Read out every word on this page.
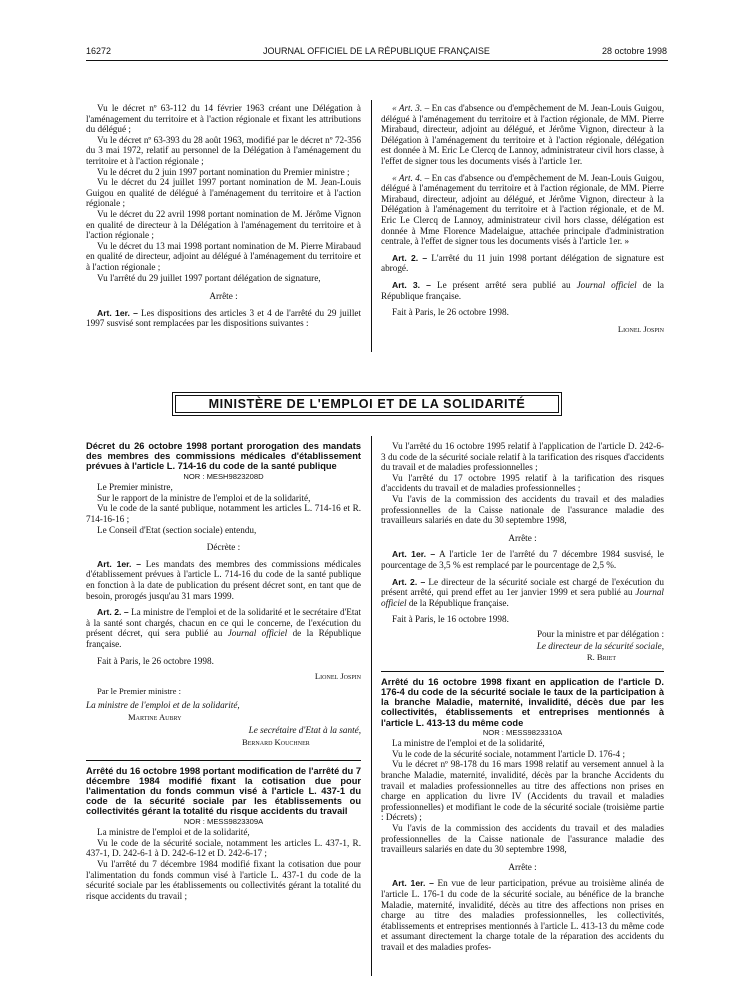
16272	JOURNAL OFFICIEL DE LA RÉPUBLIQUE FRANÇAISE	28 octobre 1998

Vu le décret nº 63-112 du 14 février 1963 créant une Délégation à l'aménagement du territoire et à l'action régionale et fixant les attributions du délégué ;

Vu le décret nº 63-393 du 28 août 1963, modifié par le décret nº 72-356 du 3 mai 1972, relatif au personnel de la Délégation à l'aménagement du territoire et à l'action régionale ;

Vu le décret du 2 juin 1997 portant nomination du Premier ministre ;

Vu le décret du 24 juillet 1997 portant nomination de M. Jean-Louis Guigou en qualité de délégué à l'aménagement du territoire et à l'action régionale ;

Vu le décret du 22 avril 1998 portant nomination de M. Jérôme Vignon en qualité de directeur à la Délégation à l'aménagement du territoire et à l'action régionale ;

Vu le décret du 13 mai 1998 portant nomination de M. Pierre Mirabaud en qualité de directeur, adjoint au délégué à l'aménagement du territoire et à l'action régionale ;

Vu l'arrêté du 29 juillet 1997 portant délégation de signature,

Arrête :

Art. 1er. – Les dispositions des articles 3 et 4 de l'arrêté du 29 juillet 1997 susvisé sont remplacées par les dispositions suivantes :

« Art. 3. – En cas d'absence ou d'empêchement de M. Jean-Louis Guigou, délégué à l'aménagement du territoire et à l'action régionale, de MM. Pierre Mirabaud, directeur, adjoint au délégué, et Jérôme Vignon, directeur à la Délégation à l'aménagement du territoire et à l'action régionale, délégation est donnée à M. Eric Le Clercq de Lannoy, administrateur civil hors classe, à l'effet de signer tous les documents visés à l'article 1er.

« Art. 4. – En cas d'absence ou d'empêchement de M. Jean-Louis Guigou, délégué à l'aménagement du territoire et à l'action régionale, de MM. Pierre Mirabaud, directeur, adjoint au délégué, et Jérôme Vignon, directeur à la Délégation à l'aménagement du territoire et à l'action régionale, et de M. Eric Le Clercq de Lannoy, administrateur civil hors classe, délégation est donnée à Mme Florence Madelaigue, attachée principale d'administration centrale, à l'effet de signer tous les documents visés à l'article 1er. »

Art. 2. – L'arrêté du 11 juin 1998 portant délégation de signature est abrogé.

Art. 3. – Le présent arrêté sera publié au Journal officiel de la République française.

Fait à Paris, le 26 octobre 1998.

Lionel Jospin

MINISTÈRE DE L'EMPLOI ET DE LA SOLIDARITÉ

Décret du 26 octobre 1998 portant prorogation des mandats des membres des commissions médicales d'établissement prévues à l'article L. 714-16 du code de la santé publique

NOR : MESH9823208D

Le Premier ministre,

Sur le rapport de la ministre de l'emploi et de la solidarité,

Vu le code de la santé publique, notamment les articles L. 714-16 et R. 714-16-16 ;

Le Conseil d'Etat (section sociale) entendu,

Décrète :

Art. 1er. – Les mandats des membres des commissions médicales d'établissement prévues à l'article L. 714-16 du code de la santé publique en fonction à la date de publication du présent décret sont, en tant que de besoin, prorogés jusqu'au 31 mars 1999.

Art. 2. – La ministre de l'emploi et de la solidarité et le secrétaire d'Etat à la santé sont chargés, chacun en ce qui le concerne, de l'exécution du présent décret, qui sera publié au Journal officiel de la République française.

Fait à Paris, le 26 octobre 1998.

Lionel Jospin

Par le Premier ministre :

La ministre de l'emploi et de la solidarité,

Martine Aubry

Le secrétaire d'Etat à la santé,

Bernard Kouchner

Arrêté du 16 octobre 1998 portant modification de l'arrêté du 7 décembre 1984 modifié fixant la cotisation due pour l'alimentation du fonds commun visé à l'article L. 437-1 du code de la sécurité sociale par les établissements ou collectivités gérant la totalité du risque accidents du travail

NOR : MESS9823309A

La ministre de l'emploi et de la solidarité,

Vu le code de la sécurité sociale, notamment les articles L. 437-1, R. 437-1, D. 242-6-1 à D. 242-6-12 et D. 242-6-17 ;

Vu l'arrêté du 7 décembre 1984 modifié fixant la cotisation due pour l'alimentation du fonds commun visé à l'article L. 437-1 du code de la sécurité sociale par les établissements ou collectivités gérant la totalité du risque accidents du travail ;

Vu l'arrêté du 16 octobre 1995 relatif à l'application de l'article D. 242-6-3 du code de la sécurité sociale relatif à la tarification des risques d'accidents du travail et de maladies professionnelles ;

Vu l'arrêté du 17 octobre 1995 relatif à la tarification des risques d'accidents du travail et de maladies professionnelles ;

Vu l'avis de la commission des accidents du travail et des maladies professionnelles de la Caisse nationale de l'assurance maladie des travailleurs salariés en date du 30 septembre 1998,

Arrête :

Art. 1er. – A l'article 1er de l'arrêté du 7 décembre 1984 susvisé, le pourcentage de 3,5 % est remplacé par le pourcentage de 2,5 %.

Art. 2. – Le directeur de la sécurité sociale est chargé de l'exécution du présent arrêté, qui prend effet au 1er janvier 1999 et sera publié au Journal officiel de la République française.

Fait à Paris, le 16 octobre 1998.

Pour la ministre et par délégation :

Le directeur de la sécurité sociale,

R. Briet

Arrêté du 16 octobre 1998 fixant en application de l'article D. 176-4 du code de la sécurité sociale le taux de la participation à la branche Maladie, maternité, invalidité, décès due par les collectivités, établissements et entreprises mentionnés à l'article L. 413-13 du même code

NOR : MESS9823310A

La ministre de l'emploi et de la solidarité,

Vu le code de la sécurité sociale, notamment l'article D. 176-4 ;

Vu le décret nº 98-178 du 16 mars 1998 relatif au versement annuel à la branche Maladie, maternité, invalidité, décès par la branche Accidents du travail et maladies professionnelles au titre des affections non prises en charge en application du livre IV (Accidents du travail et maladies professionnelles) et modifiant le code de la sécurité sociale (troisième partie : Décrets) ;

Vu l'avis de la commission des accidents du travail et des maladies professionnelles de la Caisse nationale de l'assurance maladie des travailleurs salariés en date du 30 septembre 1998,

Arrête :

Art. 1er. – En vue de leur participation, prévue au troisième alinéa de l'article L. 176-1 du code de la sécurité sociale, au bénéfice de la branche Maladie, maternité, invalidité, décès au titre des affections non prises en charge au titre des maladies professionnelles, les collectivités, établissements et entreprises mentionnés à l'article L. 413-13 du même code et assumant directement la charge totale de la réparation des accidents du travail et des maladies profes-
